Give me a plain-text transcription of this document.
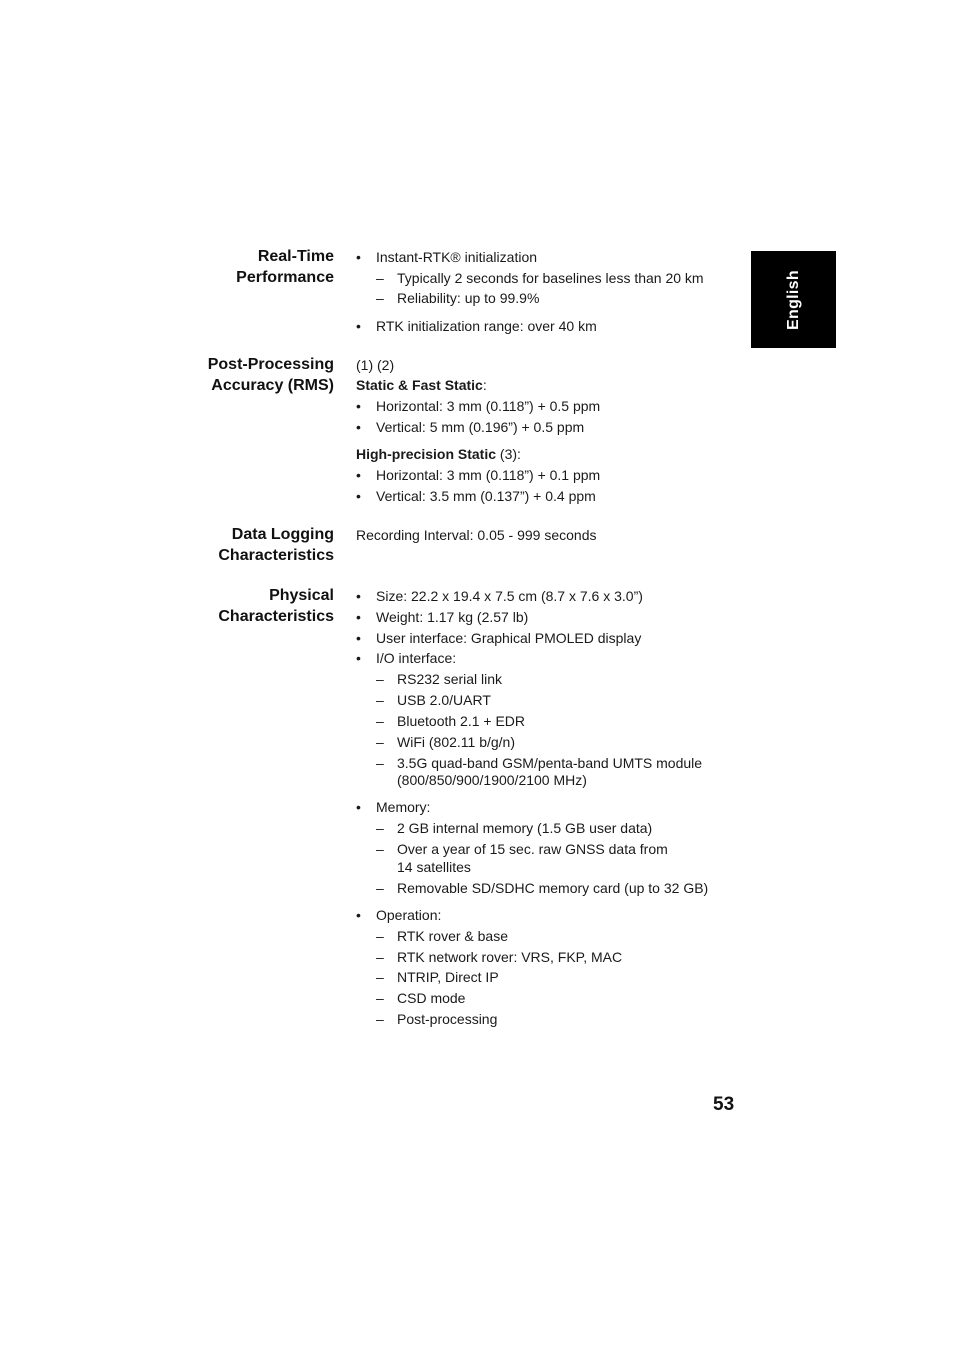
English
Real-Time
Performance
• Instant-RTK® initialization
– Typically 2 seconds for baselines less than 20 km
– Reliability: up to 99.9%
• RTK initialization range: over 40 km
Post-Processing
Accuracy (RMS)
(1) (2)
Static & Fast Static:
• Horizontal: 3 mm (0.118”) + 0.5 ppm
• Vertical: 5 mm (0.196”) + 0.5 ppm
High-precision Static (3):
• Horizontal: 3 mm (0.118”) + 0.1 ppm
• Vertical: 3.5 mm (0.137”) + 0.4 ppm
Data Logging
Characteristics
Recording Interval: 0.05 - 999 seconds
Physical
Characteristics
• Size: 22.2 x 19.4 x 7.5 cm (8.7 x 7.6 x 3.0”)
• Weight: 1.17 kg (2.57 lb)
• User interface: Graphical PMOLED display
• I/O interface:
– RS232 serial link
– USB 2.0/UART
– Bluetooth 2.1 + EDR
– WiFi (802.11 b/g/n)
– 3.5G quad-band GSM/penta-band UMTS module
(800/850/900/1900/2100 MHz)
• Memory:
– 2 GB internal memory (1.5 GB user data)
– Over a year of 15 sec. raw GNSS data from
14 satellites
– Removable SD/SDHC memory card (up to 32 GB)
• Operation:
– RTK rover & base
– RTK network rover: VRS, FKP, MAC
– NTRIP, Direct IP
– CSD mode
– Post-processing
53
